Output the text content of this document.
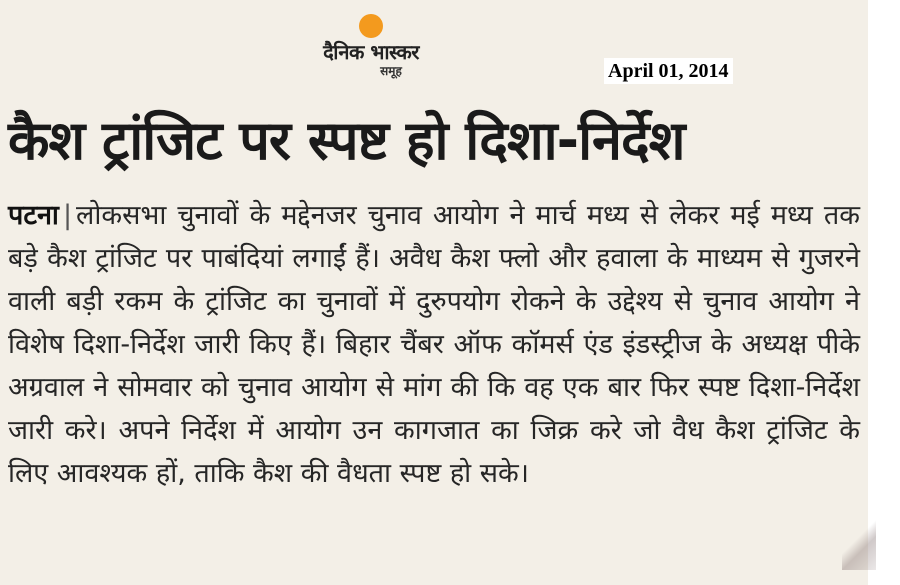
दैनिक भास्कर
समूह	April 01, 2014
कैश ट्रांजिट पर स्पष्ट हो दिशा-निर्देश
पटना | लोकसभा चुनावों के मद्देनजर चुनाव आयोग ने मार्च मध्य से लेकर मई मध्य तक बड़े कैश ट्रांजिट पर पाबंदियां लगाईं हैं। अवैध कैश फ्लो और हवाला के माध्यम से गुजरने वाली बड़ी रकम के ट्रांजिट का चुनावों में दुरुपयोग रोकने के उद्देश्य से चुनाव आयोग ने विशेष दिशा-निर्देश जारी किए हैं। बिहार चैंबर ऑफ कॉमर्स एंड इंडस्ट्रीज के अध्यक्ष पीके अग्रवाल ने सोमवार को चुनाव आयोग से मांग की कि वह एक बार फिर स्पष्ट दिशा-निर्देश जारी करे। अपने निर्देश में आयोग उन कागजात का जिक्र करे जो वैध कैश ट्रांजिट के लिए आवश्यक हों, ताकि कैश की वैधता स्पष्ट हो सके।
